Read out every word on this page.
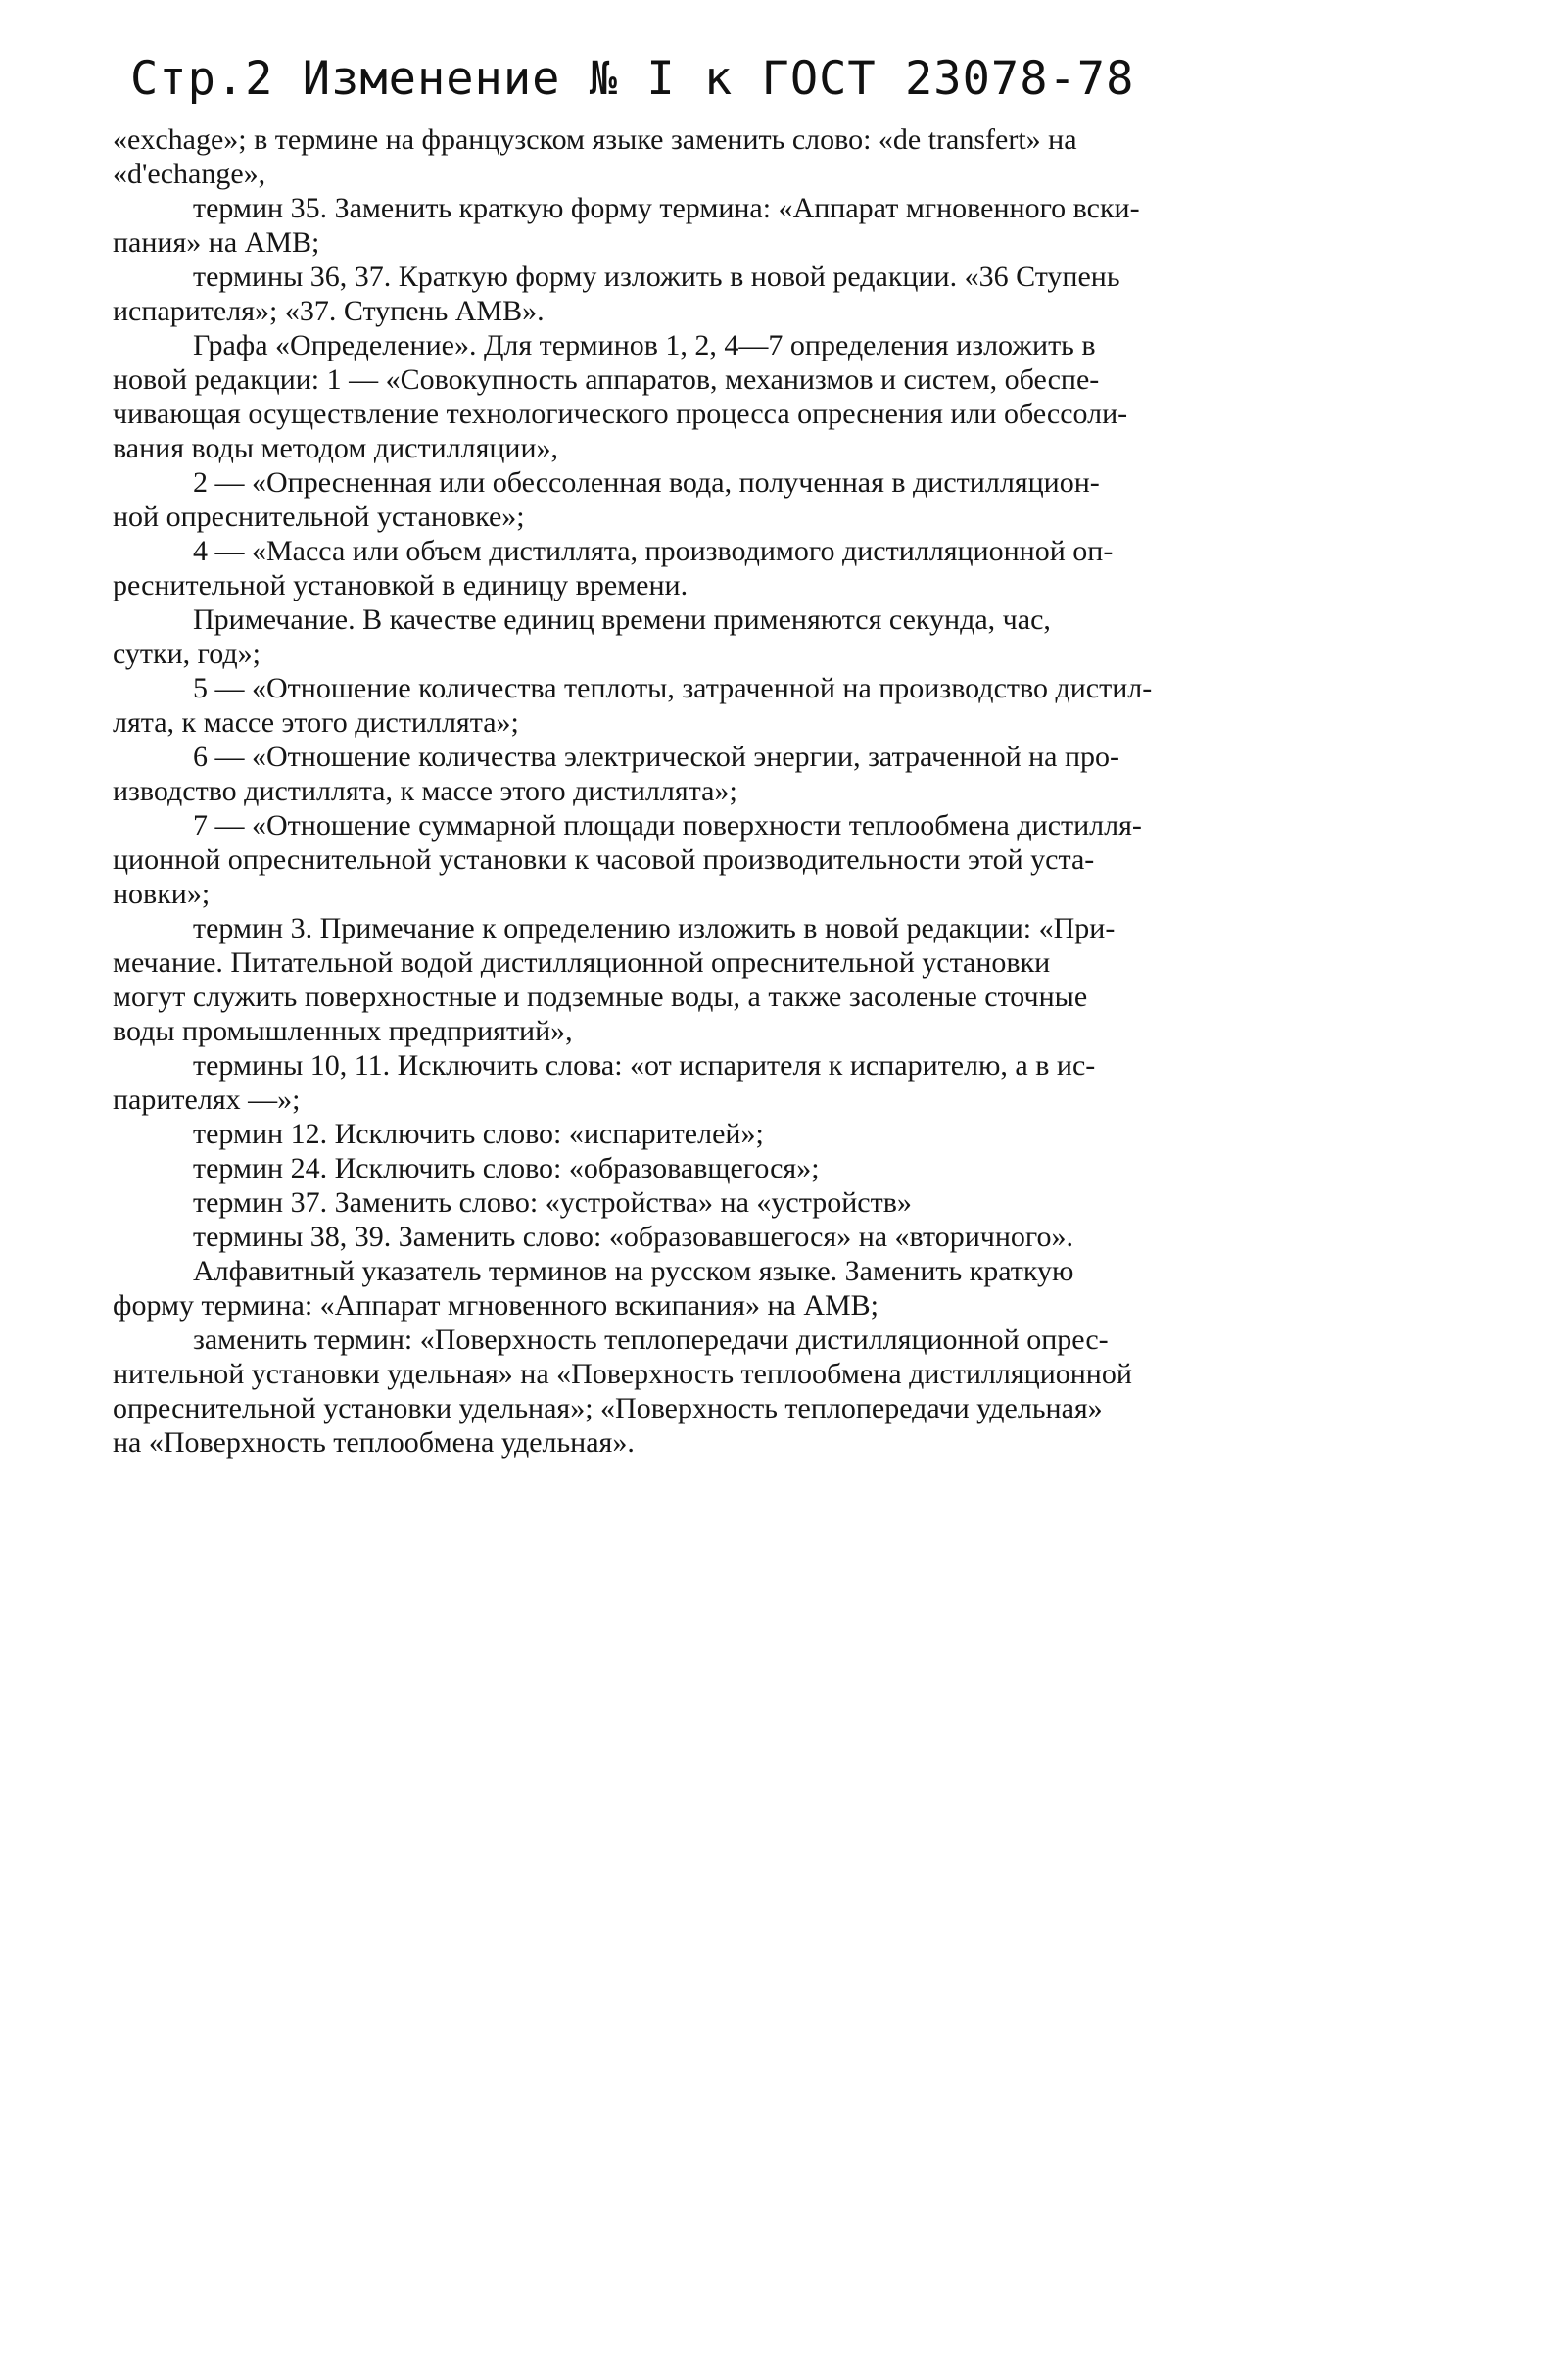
Стр.2 Изменение № I к ГОСТ 23078-78
«exchage»; в термине на французском языке заменить слово: «de transfert» на
«d'echange»,
термин 35. Заменить краткую форму термина: «Аппарат мгновенного вски-
пания» на АМВ;
термины 36, 37. Краткую форму изложить в новой редакции. «36 Ступень
испарителя»; «37. Ступень АМВ».
Графа «Определение». Для терминов 1, 2, 4—7 определения изложить в
новой редакции: 1 — «Совокупность аппаратов, механизмов и систем, обеспе-
чивающая осуществление технологического процесса опреснения или обессоли-
вания воды методом дистилляции»,
2 — «Опресненная или обессоленная вода, полученная в дистилляцион-
ной опреснительной установке»;
4 — «Масса или объем дистиллята, производимого дистилляционной оп-
реснительной установкой в единицу времени.
Примечание. В качестве единиц времени применяются секунда, час,
сутки, год»;
5 — «Отношение количества теплоты, затраченной на производство дистил-
лята, к массе этого дистиллята»;
6 — «Отношение количества электрической энергии, затраченной на про-
изводство дистиллята, к массе этого дистиллята»;
7 — «Отношение суммарной площади поверхности теплообмена дистилля-
ционной опреснительной установки к часовой производительности этой уста-
новки»;
термин 3. Примечание к определению изложить в новой редакции: «При-
мечание. Питательной водой дистилляционной опреснительной установки
могут служить поверхностные и подземные воды, а также засоленые сточные
воды промышленных предприятий»,
термины 10, 11. Исключить слова: «от испарителя к испарителю, а в ис-
парителях —»;
термин 12. Исключить слово: «испарителей»;
термин 24. Исключить слово: «образовавщегося»;
термин 37. Заменить слово: «устройства» на «устройств»
термины 38, 39. Заменить слово: «образовавшегося» на «вторичного».
Алфавитный указатель терминов на русском языке. Заменить краткую
форму термина: «Аппарат мгновенного вскипания» на АМВ;
заменить термин: «Поверхность теплопередачи дистилляционной опрес-
нительной установки удельная» на «Поверхность теплообмена дистилляционной
опреснительной установки удельная»; «Поверхность теплопередачи удельная»
на «Поверхность теплообмена удельная».
